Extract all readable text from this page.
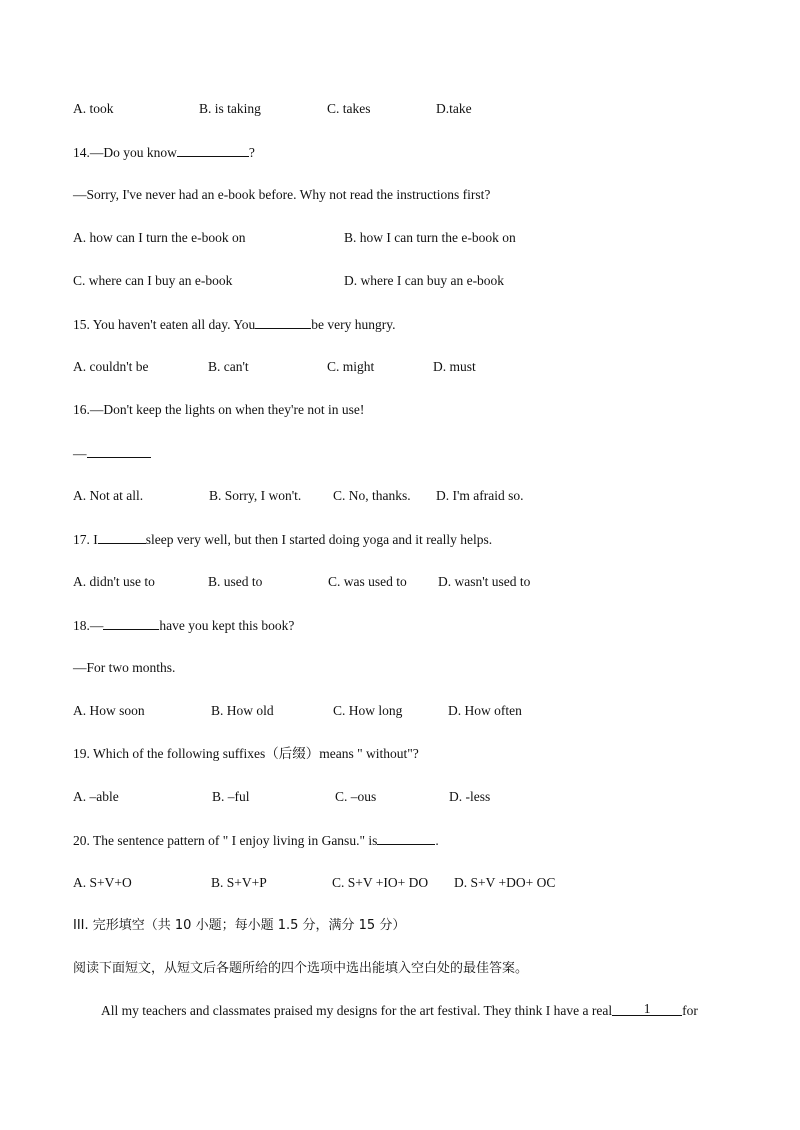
A. took	B. is taking	C. takes	D.take
14.—Do you know	?
—Sorry, I've never had an e-book before. Why not read the instructions first?
A. how can I turn the e-book on	B. how I can turn the e-book on
C. where can I buy an e-book	D. where I can buy an e-book
15. You haven't eaten all day. You	be very hungry.
A. couldn't be	B. can't	C. might	D. must
16.—Don't keep the lights on when they're not in use!
—
A. Not at all.	B. Sorry, I won't. C. No, thanks. D. I'm afraid so.
17. I	sleep very well, but then I started doing yoga and it really helps.
A. didn't use to	B. used to	C. was used to D. wasn't used to
18.—	have you kept this book?
—For two months.
A. How soon	B. How old	C. How long	D. How often
19. Which of the following suffixes（后缀）means " without"?
A. –able	B. –ful	C. –ous	D. -less
20. The sentence pattern of " I enjoy living in Gansu." is	.
A. S+V+O	B. S+V+P	C. S+V +IO+ DO D. S+V +DO+ OC
III. 完形填空（共 10 小题；每小题 1.5 分，满分 15 分）
阅读下面短文，从短文后各题所给的四个选项中选出能填入空白处的最佳答案。
All my teachers and classmates praised my designs for the art festival. They think I have a real 1 for
